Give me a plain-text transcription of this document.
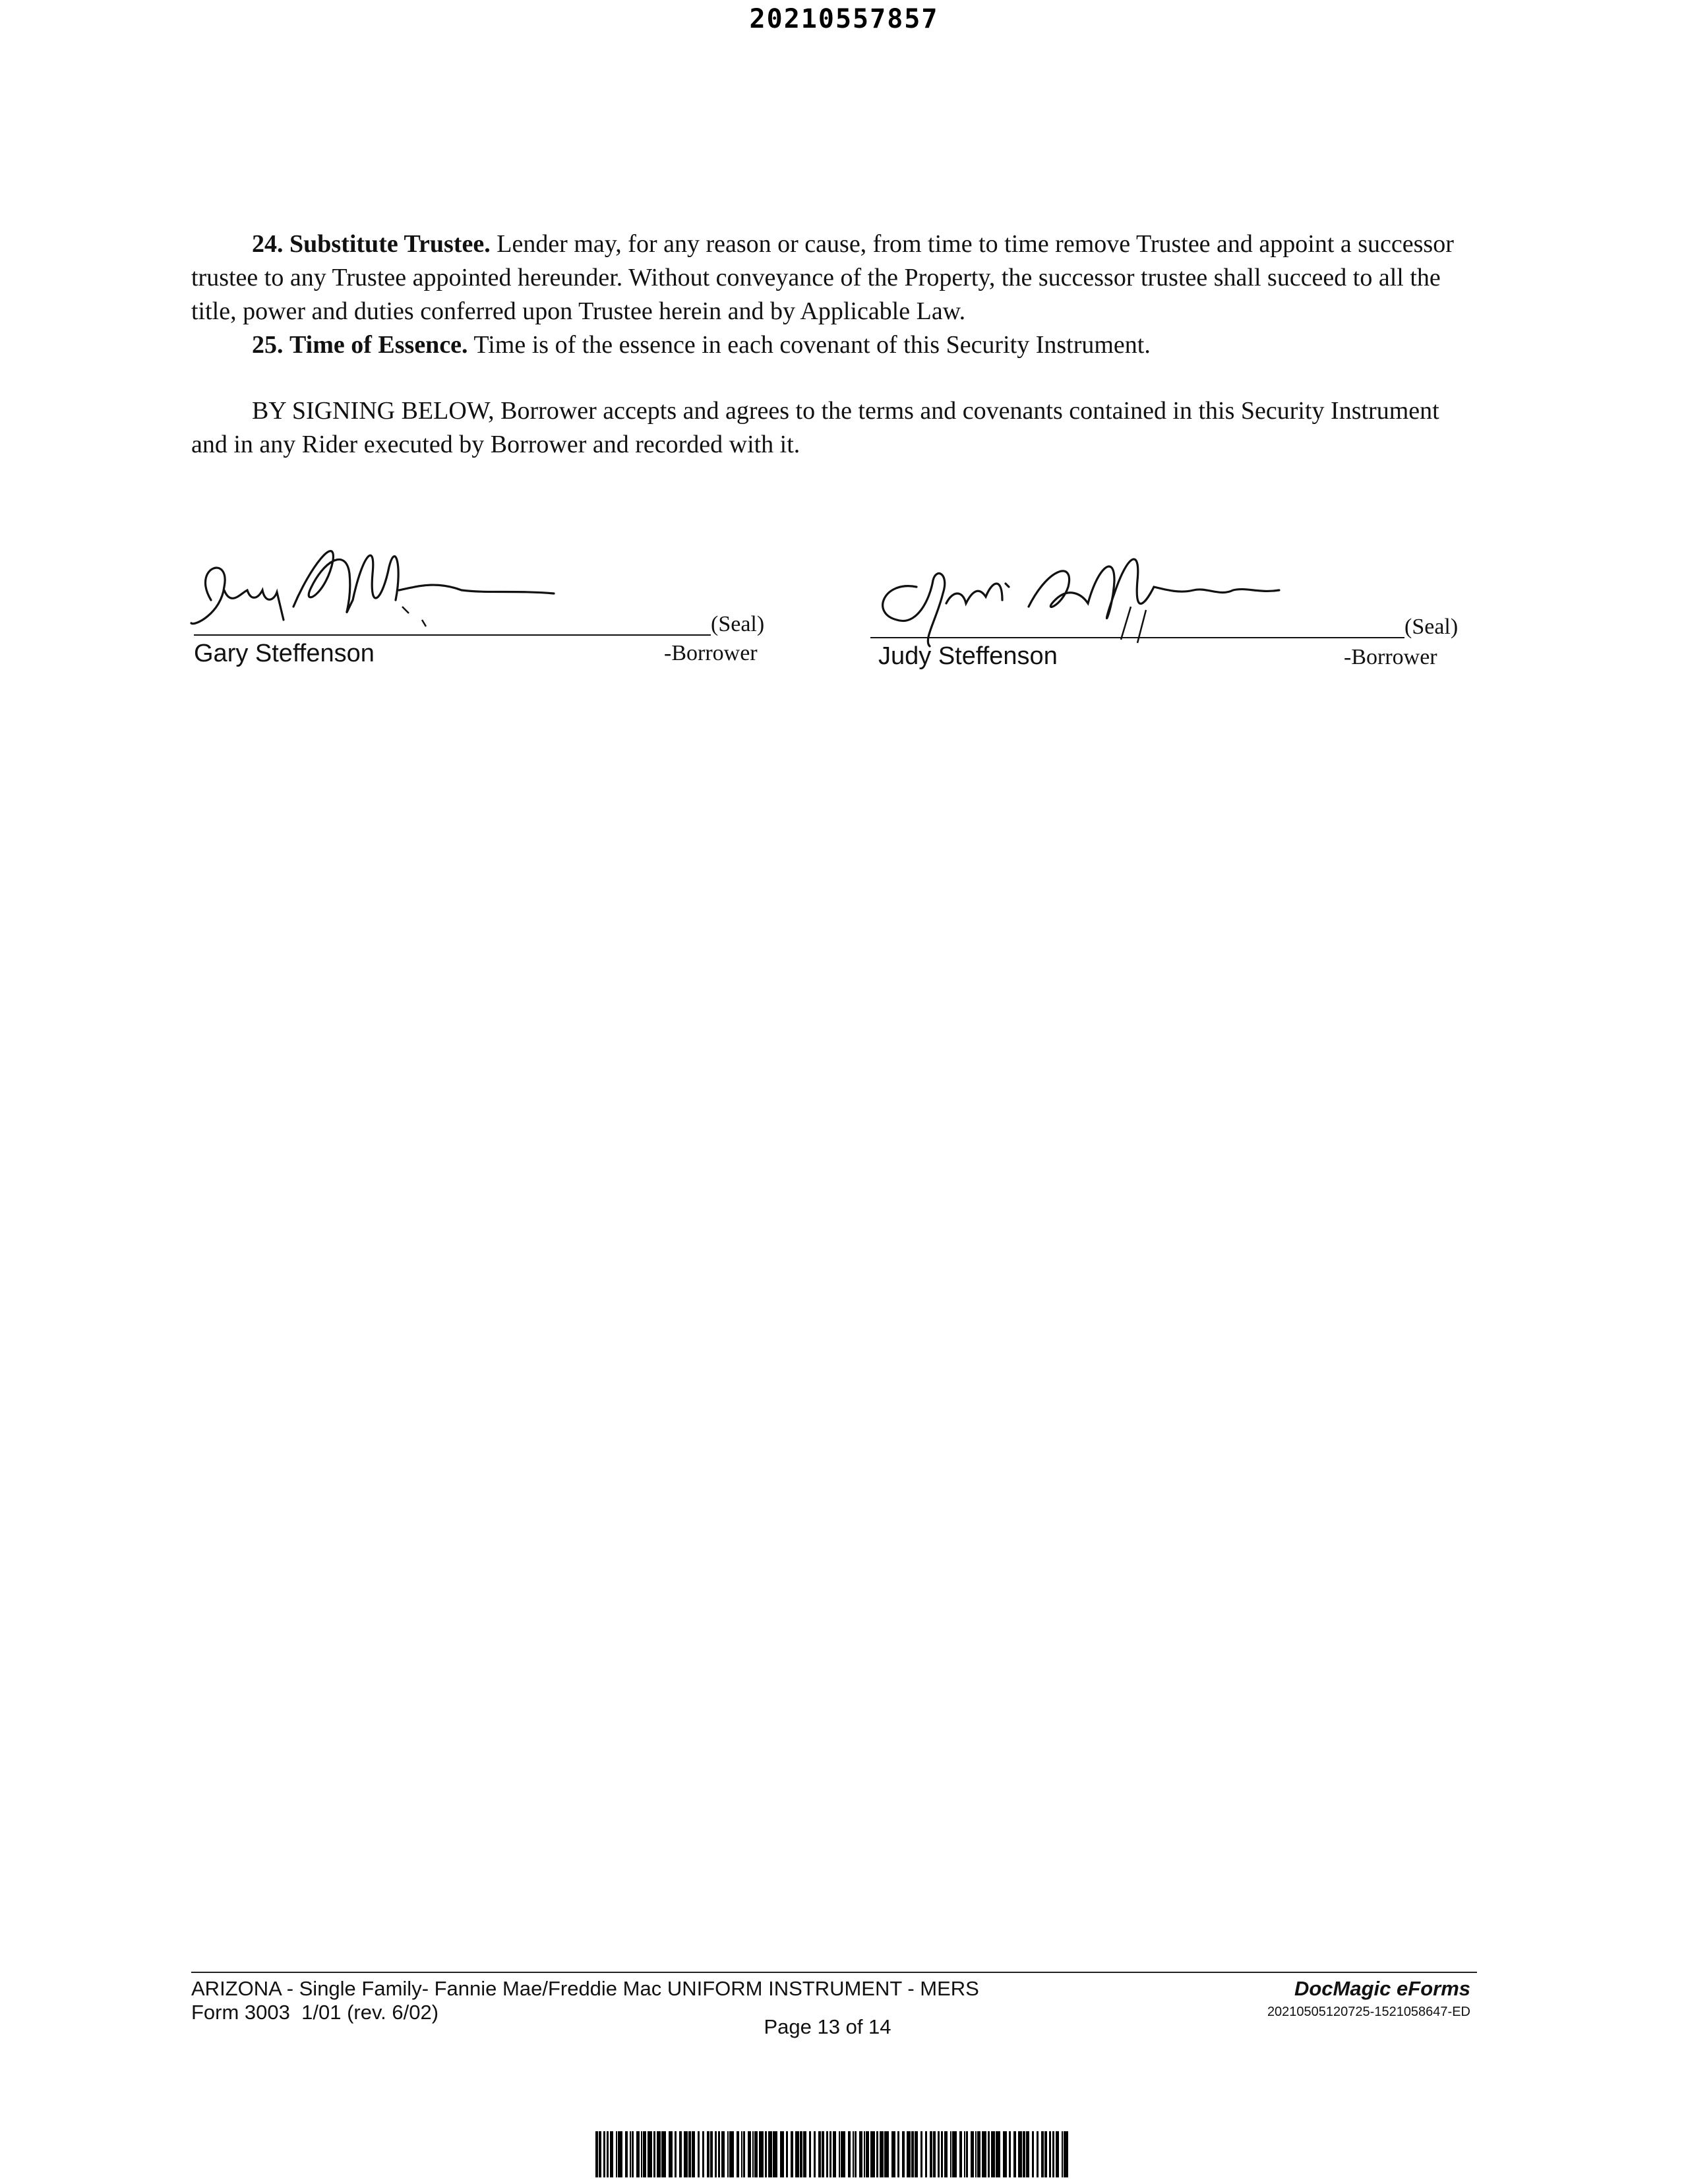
20210557857

24. Substitute Trustee. Lender may, for any reason or cause, from time to time remove Trustee and appoint a successor trustee to any Trustee appointed hereunder. Without conveyance of the Property, the successor trustee shall succeed to all the title, power and duties conferred upon Trustee herein and by Applicable Law.

25. Time of Essence. Time is of the essence in each covenant of this Security Instrument.

BY SIGNING BELOW, Borrower accepts and agrees to the terms and covenants contained in this Security Instrument and in any Rider executed by Borrower and recorded with it.

(Seal)
Gary Steffenson	-Borrower
(Seal)
Judy Steffenson	-Borrower
ARIZONA - Single Family- Fannie Mae/Freddie Mac UNIFORM INSTRUMENT - MERS
Form 3003  1/01 (rev. 6/02)
Page 13 of 14
DocMagic eForms
20210505120725-1521058647-ED
